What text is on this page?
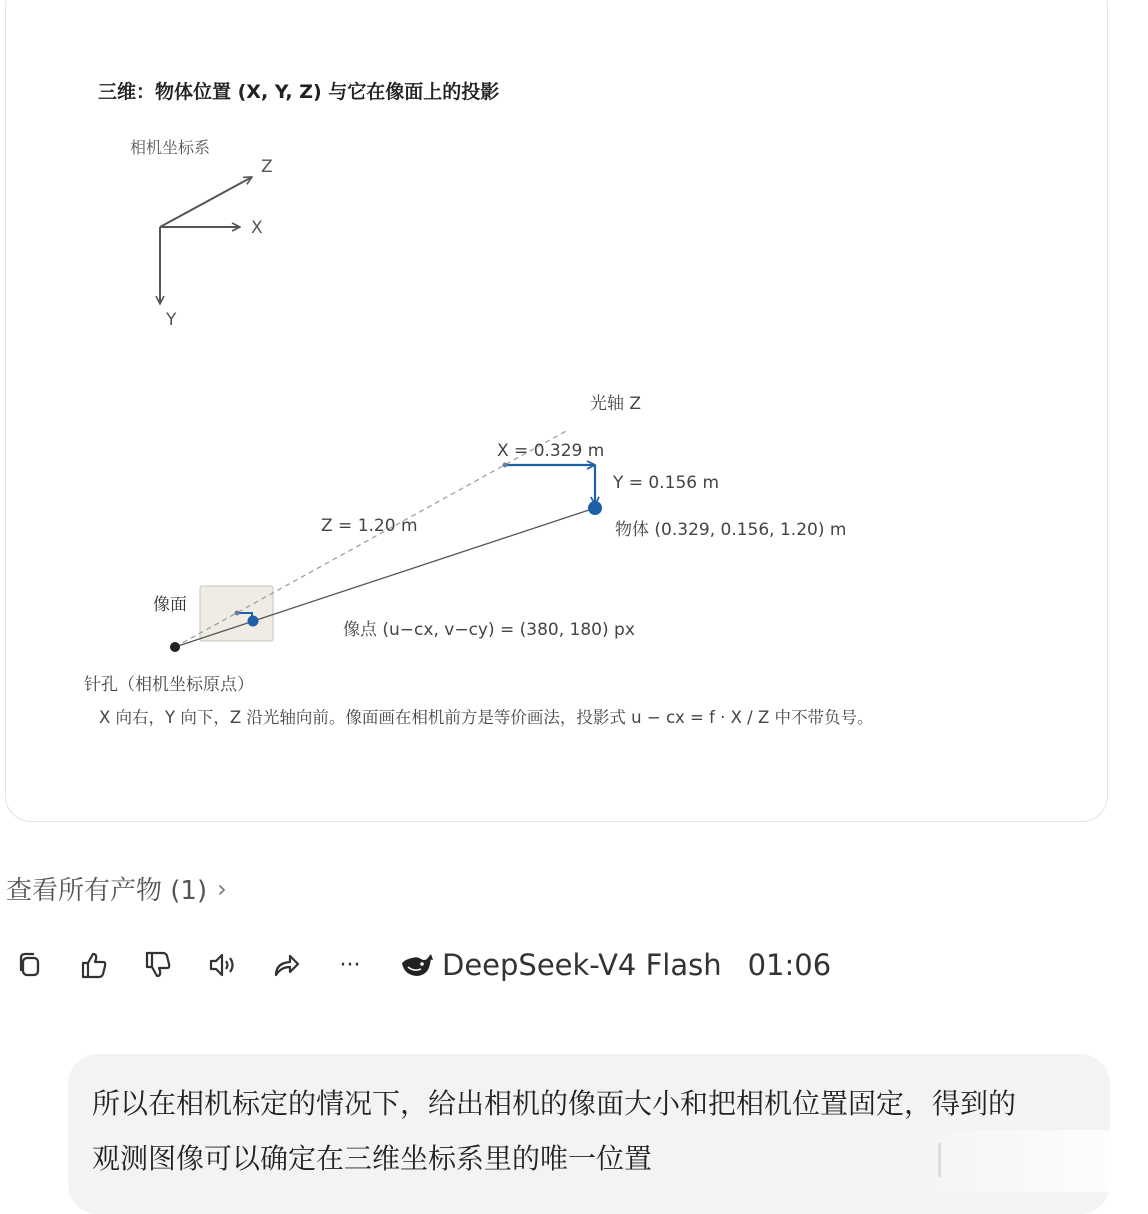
三维：物体位置 (X, Y, Z) 与它在像面上的投影
相机坐标系
Z
X
Y
像面
光轴 Z
X = 0.329 m
Y = 0.156 m
Z = 1.20 m	物体 (0.329, 0.156, 1.20) m
像点 (u−cx, v−cy) = (380, 180) px
针孔（相机坐标原点）
X 向右，Y 向下，Z 沿光轴向前。像面画在相机前方是等价画法，投影式 u − cx = f · X / Z 中不带负号。
查看所有产物 (1) ›
···	DeepSeek-V4 Flash 01:06
所以在相机标定的情况下，给出相机的像面大小和把相机位置固定，得到的
观测图像可以确定在三维坐标系里的唯一位置
